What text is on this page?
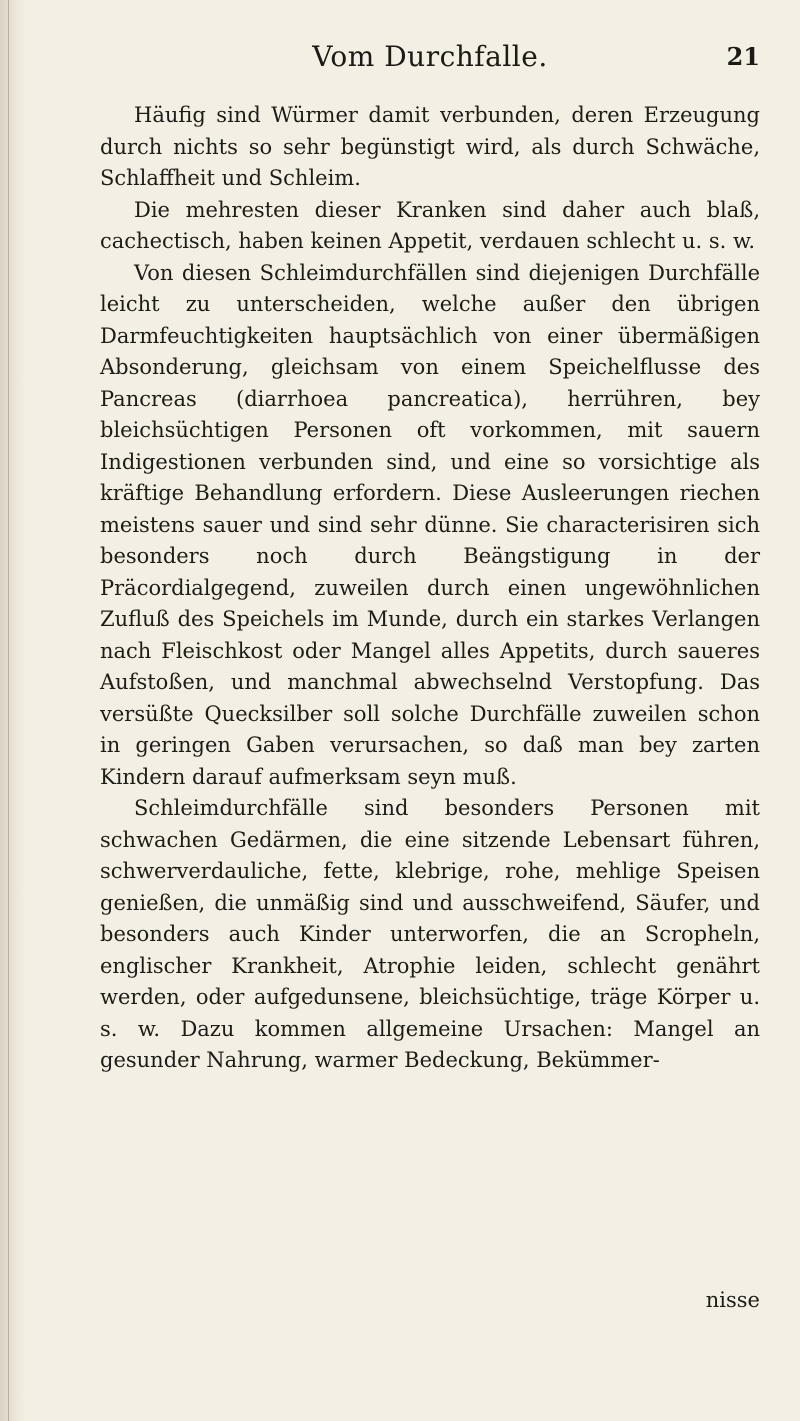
Vom Durchfalle.	21

Häufig sind Würmer damit verbunden, deren Erzeugung durch nichts so sehr begünstigt wird, als durch Schwäche, Schlaffheit und Schleim.

Die mehresten dieser Kranken sind daher auch blaß, cachectisch, haben keinen Appetit, verdauen schlecht u. s. w.

Von diesen Schleimdurchfällen sind diejenigen Durchfälle leicht zu unterscheiden, welche außer den übrigen Darmfeuchtigkeiten hauptsächlich von einer übermäßigen Absonderung, gleichsam von einem Speichelflusse des Pancreas (diarrhoea pancreatica), herrühren, bey bleichsüchtigen Personen oft vorkommen, mit sauern Indigestionen verbunden sind, und eine so vorsichtige als kräftige Behandlung erfordern. Diese Ausleerungen riechen meistens sauer und sind sehr dünne. Sie characterisiren sich besonders noch durch Beängstigung in der Präcordialgegend, zuweilen durch einen ungewöhnlichen Zufluß des Speichels im Munde, durch ein starkes Verlangen nach Fleischkost oder Mangel alles Appetits, durch saueres Aufstoßen, und manchmal abwechselnd Verstopfung. Das versüßte Quecksilber soll solche Durchfälle zuweilen schon in geringen Gaben verursachen, so daß man bey zarten Kindern darauf aufmerksam seyn muß.

Schleimdurchfälle sind besonders Personen mit schwachen Gedärmen, die eine sitzende Lebensart führen, schwerverdauliche, fette, klebrige, rohe, mehlige Speisen genießen, die unmäßig sind und ausschweifend, Säufer, und besonders auch Kinder unterworfen, die an Scropheln, englischer Krankheit, Atrophie leiden, schlecht genährt werden, oder aufgedunsene, bleichsüchtige, träge Körper u. s. w. Dazu kommen allgemeine Ursachen: Mangel an gesunder Nahrung, warmer Bedeckung, Bekümmer-

nisse
